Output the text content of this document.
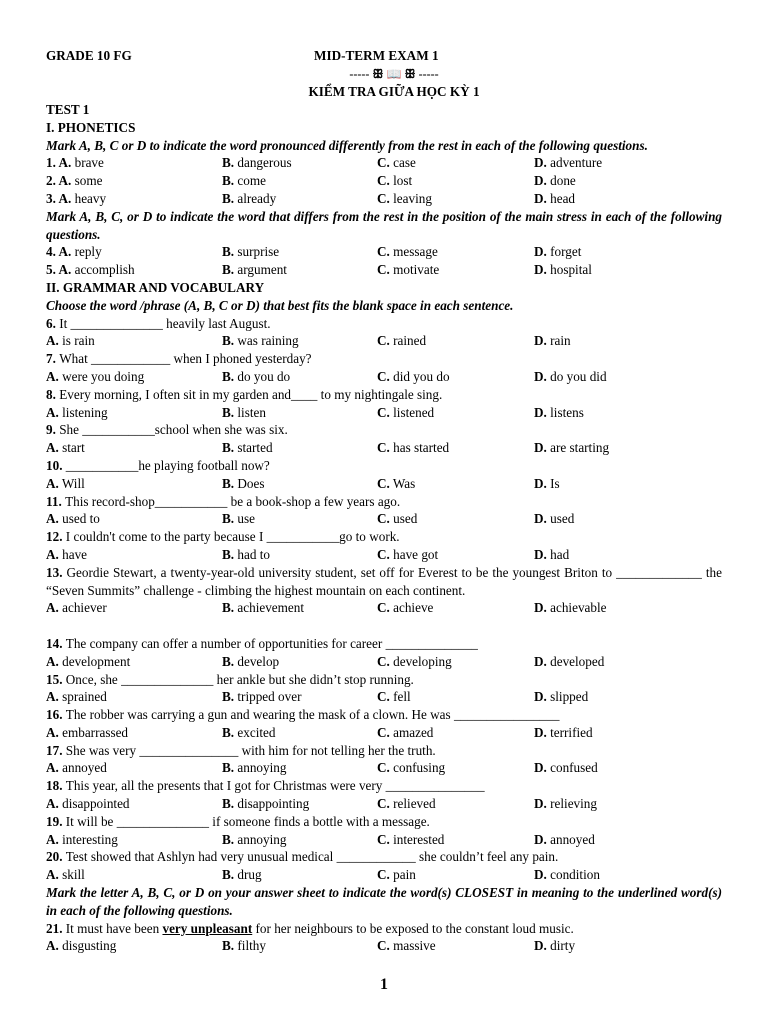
GRADE 10 FG	MID-TERM EXAM 1
----- ꕥ 📖 ꕥ -----
KIỂM TRA GIỮA HỌC KỲ 1
TEST 1
I. PHONETICS
Mark A, B, C or D to indicate the word pronounced differently from the rest in each of the following questions.
1. A. brave	B. dangerous	C. case	D. adventure
2. A. some	B. come	C. lost	D. done
3. A. heavy	B. already	C. leaving	D. head
Mark A, B, C, or D to indicate the word that differs from the rest in the position of the main stress in each of the following questions.
4. A. reply	B. surprise	C. message	D. forget
5. A. accomplish	B. argument	C. motivate	D. hospital
II. GRAMMAR AND VOCABULARY
Choose the word /phrase (A, B, C or D) that best fits the blank space in each sentence.
6. It ______________ heavily last August.
A. is rain	B. was raining	C. rained	D. rain
7. What ____________ when I phoned yesterday?
A. were you doing	B. do you do	C. did you do	D. do you did
8. Every morning, I often sit in my garden and____ to my nightingale sing.
A. listening	B. listen	C. listened	D. listens
9. She ___________school when she was six.
A. start	B. started	C. has started	D. are starting
10. ___________he playing football now?
A. Will	B. Does	C. Was	D. Is
11. This record-shop___________ be a book-shop a few years ago.
A. used to	B. use	C. used	D. used
12. I couldn't come to the party because I ___________go to work.
A. have	B. had to	C. have got	D. had
13. Geordie Stewart, a twenty-year-old university student, set off for Everest to be the youngest Briton to _____________ the “Seven Summits” challenge - climbing the highest mountain on each continent.
A. achiever	B. achievement	C. achieve	D. achievable
14. The company can offer a number of opportunities for career ______________
A. development	B. develop	C. developing	D. developed
15. Once, she ______________ her ankle but she didn’t stop running.
A. sprained	B. tripped over	C. fell	D. slipped
16. The robber was carrying a gun and wearing the mask of a clown. He was ________________
A. embarrassed	B. excited	C. amazed	D. terrified
17. She was very _______________ with him for not telling her the truth.
A. annoyed	B. annoying	C. confusing	D. confused
18. This year, all the presents that I got for Christmas were very _______________
A. disappointed	B. disappointing	C. relieved	D. relieving
19. It will be ______________ if someone finds a bottle with a message.
A. interesting	B. annoying	C. interested	D. annoyed
20. Test showed that Ashlyn had very unusual medical ____________ she couldn’t feel any pain.
A. skill	B. drug	C. pain	D. condition
Mark the letter A, B, C, or D on your answer sheet to indicate the word(s) CLOSEST in meaning to the underlined word(s) in each of the following questions.
21. It must have been very unpleasant for her neighbours to be exposed to the constant loud music.
A. disgusting	B. filthy	C. massive	D. dirty
1
